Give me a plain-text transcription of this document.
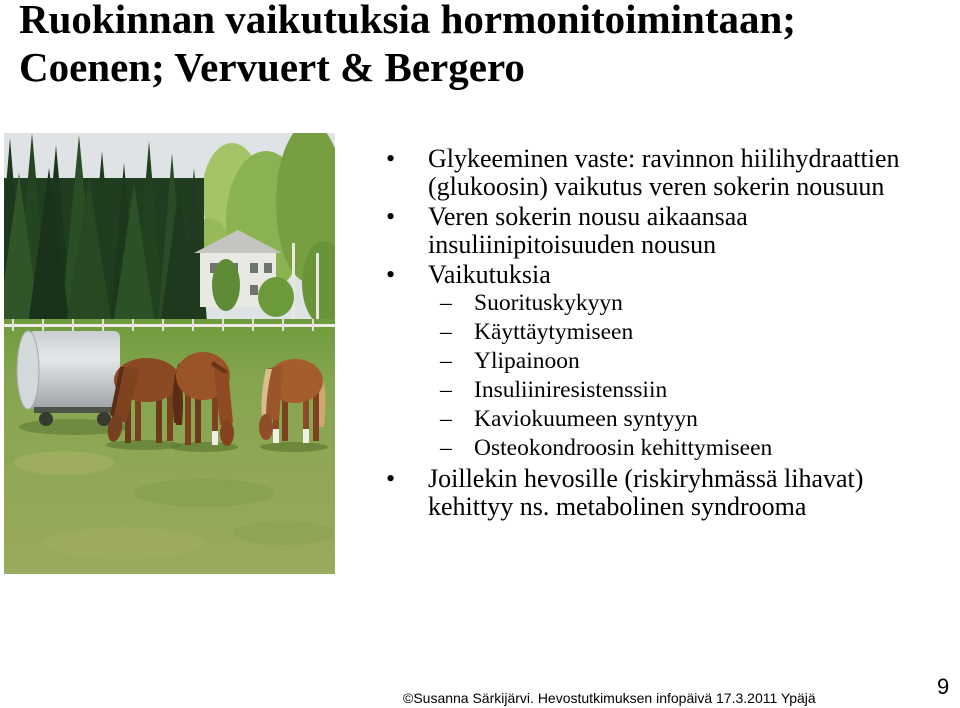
Ruokinnan vaikutuksia hormonitoimintaan;
Coenen; Vervuert & Bergero
• Glykeeminen vaste: ravinnon hiilihydraattien (glukoosin) vaikutus veren sokerin nousuun
• Veren sokerin nousu aikaansaa insuliinipitoisuuden nousun
• Vaikutuksia
– Suorituskykyyn
– Käyttäytymiseen
– Ylipainoon
– Insuliiniresistenssiin
– Kaviokuumeen syntyyn
– Osteokondroosin kehittymiseen
• Joillekin hevosille (riskiryhmässä lihavat) kehittyy ns. metabolinen syndrooma
©Susanna Särkijärvi. Hevostutkimuksen infopäivä 17.3.2011 Ypäjä	9
